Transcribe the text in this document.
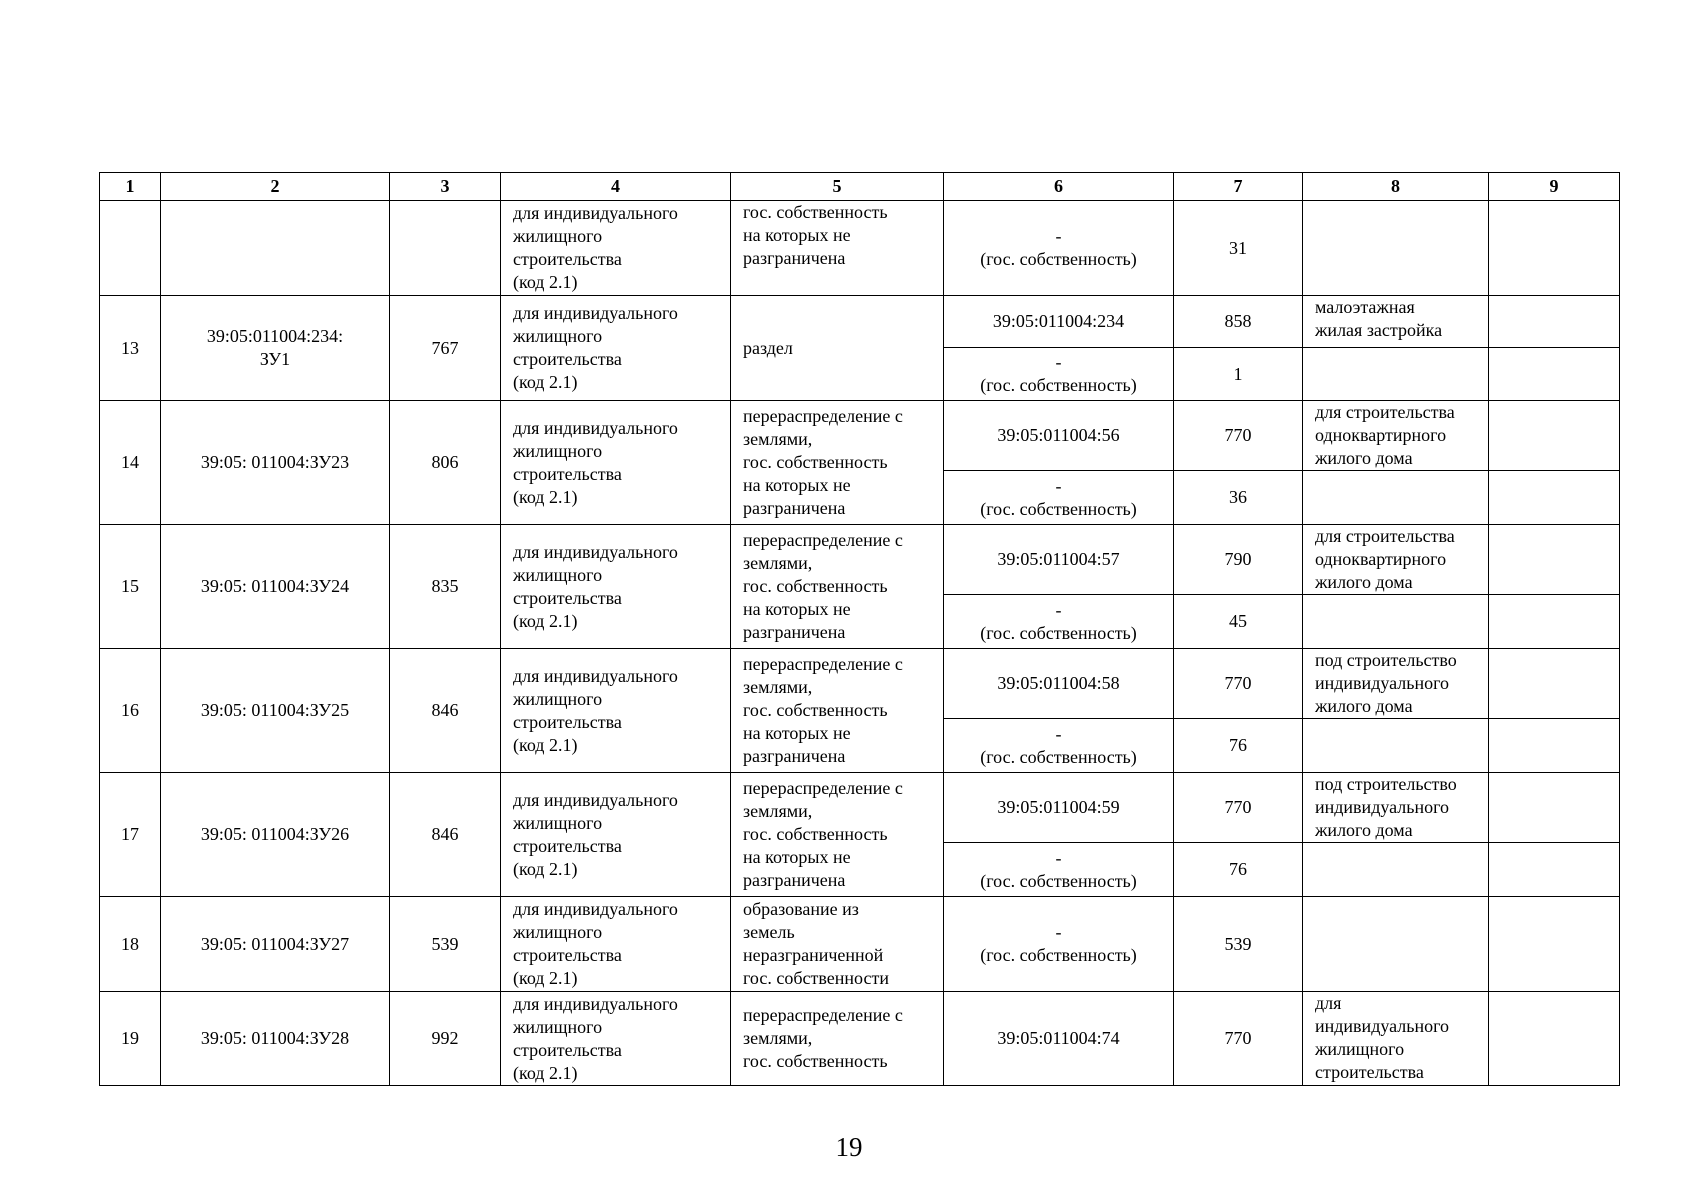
1	2	3	4	5	6	7	8	9
			для индивидуального
жилищного
строительства
(код 2.1)	гос. собственность
на которых не
разграничена	-
(гос. собственность)	31		
13	39:05:011004:234:
ЗУ1	767	для индивидуального
жилищного
строительства
(код 2.1)	раздел	39:05:011004:234	858	малоэтажная
жилая застройка	
					-
(гос. собственность)	1		
14	39:05: 011004:ЗУ23	806	для индивидуального
жилищного
строительства
(код 2.1)	перераспределение с
землями,
гос. собственность
на которых не
разграничена	39:05:011004:56	770	для строительства
одноквартирного
жилого дома	
					-
(гос. собственность)	36		
15	39:05: 011004:ЗУ24	835	для индивидуального
жилищного
строительства
(код 2.1)	перераспределение с
землями,
гос. собственность
на которых не
разграничена	39:05:011004:57	790	для строительства
одноквартирного
жилого дома	
					-
(гос. собственность)	45		
16	39:05: 011004:ЗУ25	846	для индивидуального
жилищного
строительства
(код 2.1)	перераспределение с
землями,
гос. собственность
на которых не
разграничена	39:05:011004:58	770	под строительство
индивидуального
жилого дома	
					-
(гос. собственность)	76		
17	39:05: 011004:ЗУ26	846	для индивидуального
жилищного
строительства
(код 2.1)	перераспределение с
землями,
гос. собственность
на которых не
разграничена	39:05:011004:59	770	под строительство
индивидуального
жилого дома	
					-
(гос. собственность)	76		
18	39:05: 011004:ЗУ27	539	для индивидуального
жилищного
строительства
(код 2.1)	образование из
земель
неразграниченной
гос. собственности	-
(гос. собственность)	539		
19	39:05: 011004:ЗУ28	992	для индивидуального
жилищного
строительства
(код 2.1)	перераспределение с
землями,
гос. собственность	39:05:011004:74	770	для
индивидуального
жилищного
строительства	
19
